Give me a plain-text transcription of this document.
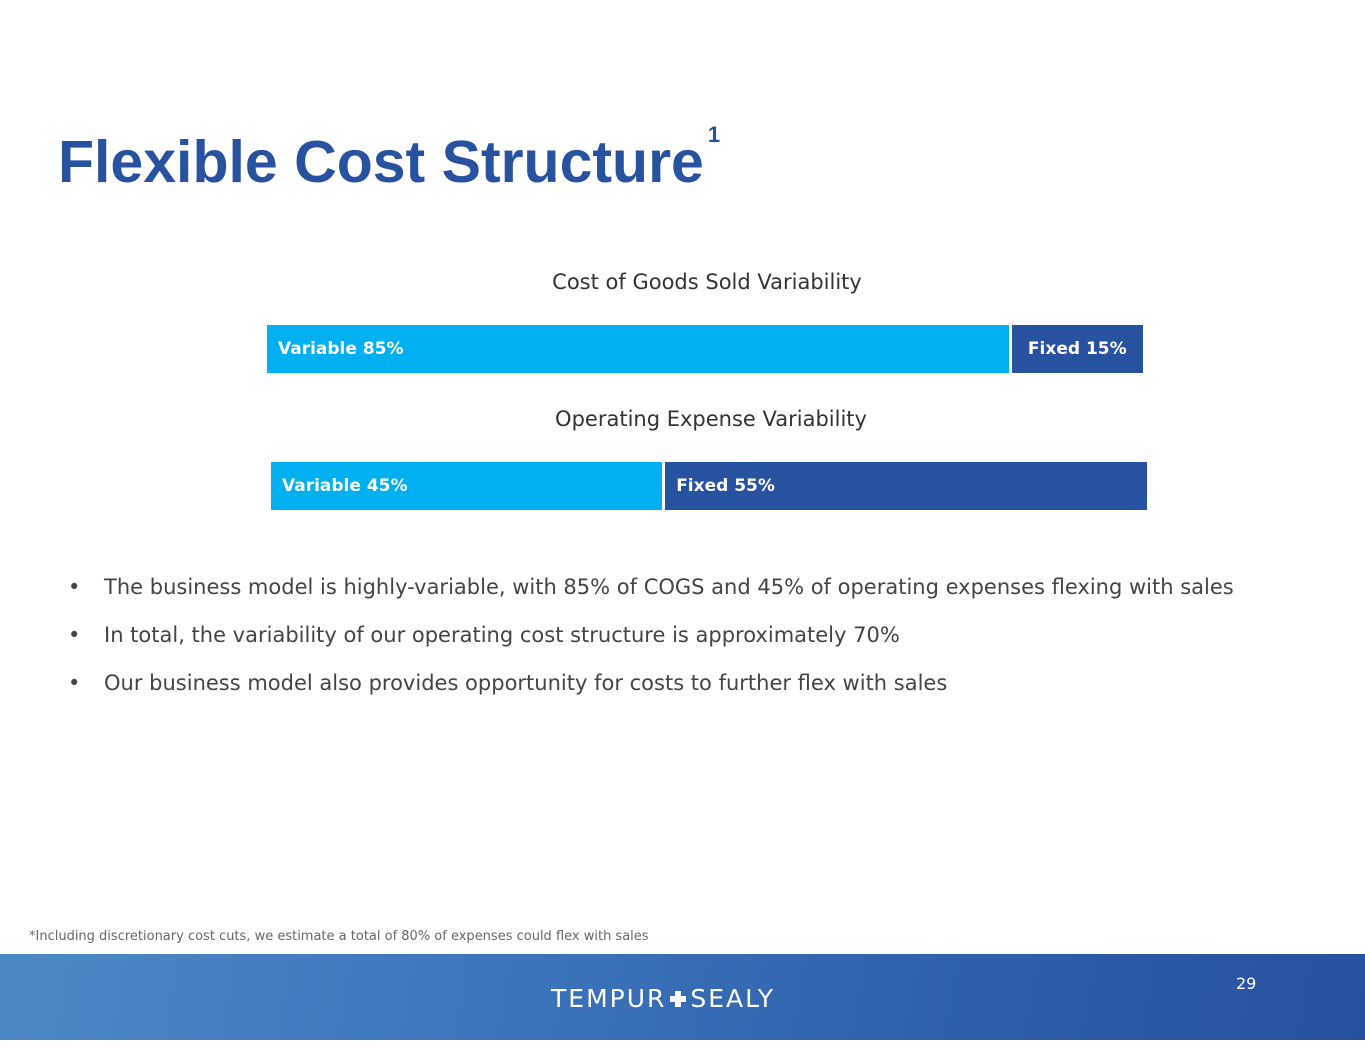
Flexible Cost Structure $^1$
Cost of Goods Sold Variability
Variable 85%	Fixed 15%
Operating Expense Variability
Variable 45%	Fixed 55%
• The business model is highly-variable, with 85% of COGS and 45% of operating expenses flexing with sales
• In total, the variability of our operating cost structure is approximately 70%
• Our business model also provides opportunity for costs to further flex with sales
*Including discretionary cost cuts, we estimate a total of 80% of expenses could flex with sales
TEMPUR SEALY
29
